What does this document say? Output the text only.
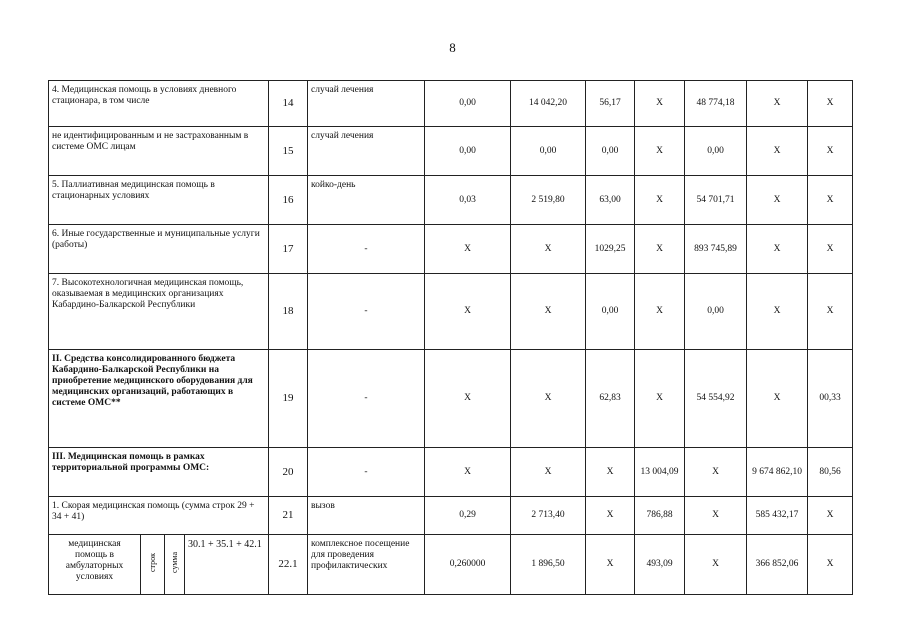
8
4. Медицинская помощь в условиях дневного стационара, в том числе				14	случай лечения	0,00	14 042,20	56,17	Х	48 774,18	Х	Х
не идентифицированным и не застрахованным в системе ОМС лицам				15	случай лечения	0,00	0,00	0,00	Х	0,00	Х	Х
5. Паллиативная медицинская помощь в стационарных условиях				16	койко-день	0,03	2 519,80	63,00	Х	54 701,71	Х	Х
6. Иные государственные и муниципальные услуги (работы)				17	-	Х	Х	1029,25	Х	893 745,89	Х	Х
7. Высокотехнологичная медицинская помощь, оказываемая в медицинских организациях Кабардино-Балкарской Республики				18	-	Х	Х	0,00	Х	0,00	Х	Х
II. Средства консолидированного бюджета Кабардино-Балкарской Республики на приобретение медицинского оборудования для медицинских организаций, работающих в системе ОМС**				19	-	Х	Х	62,83	Х	54 554,92	Х	00,33
III. Медицинская помощь в рамках территориальной программы ОМС:				20	-	Х	Х	Х	13 004,09	Х	9 674 862,10	80,56
1. Скорая медицинская помощь (сумма строк 29 + 34 + 41)				21	вызов	0,29	2 713,40	Х	786,88	Х	585 432,17	Х
медицинская помощь в амбулаторных условиях	строк	сумма	30.1 + 35.1 + 42.1	22.1	комплексное посещение для проведения профилактических	0,260000	1 896,50	Х	493,09	Х	366 852,06	Х
